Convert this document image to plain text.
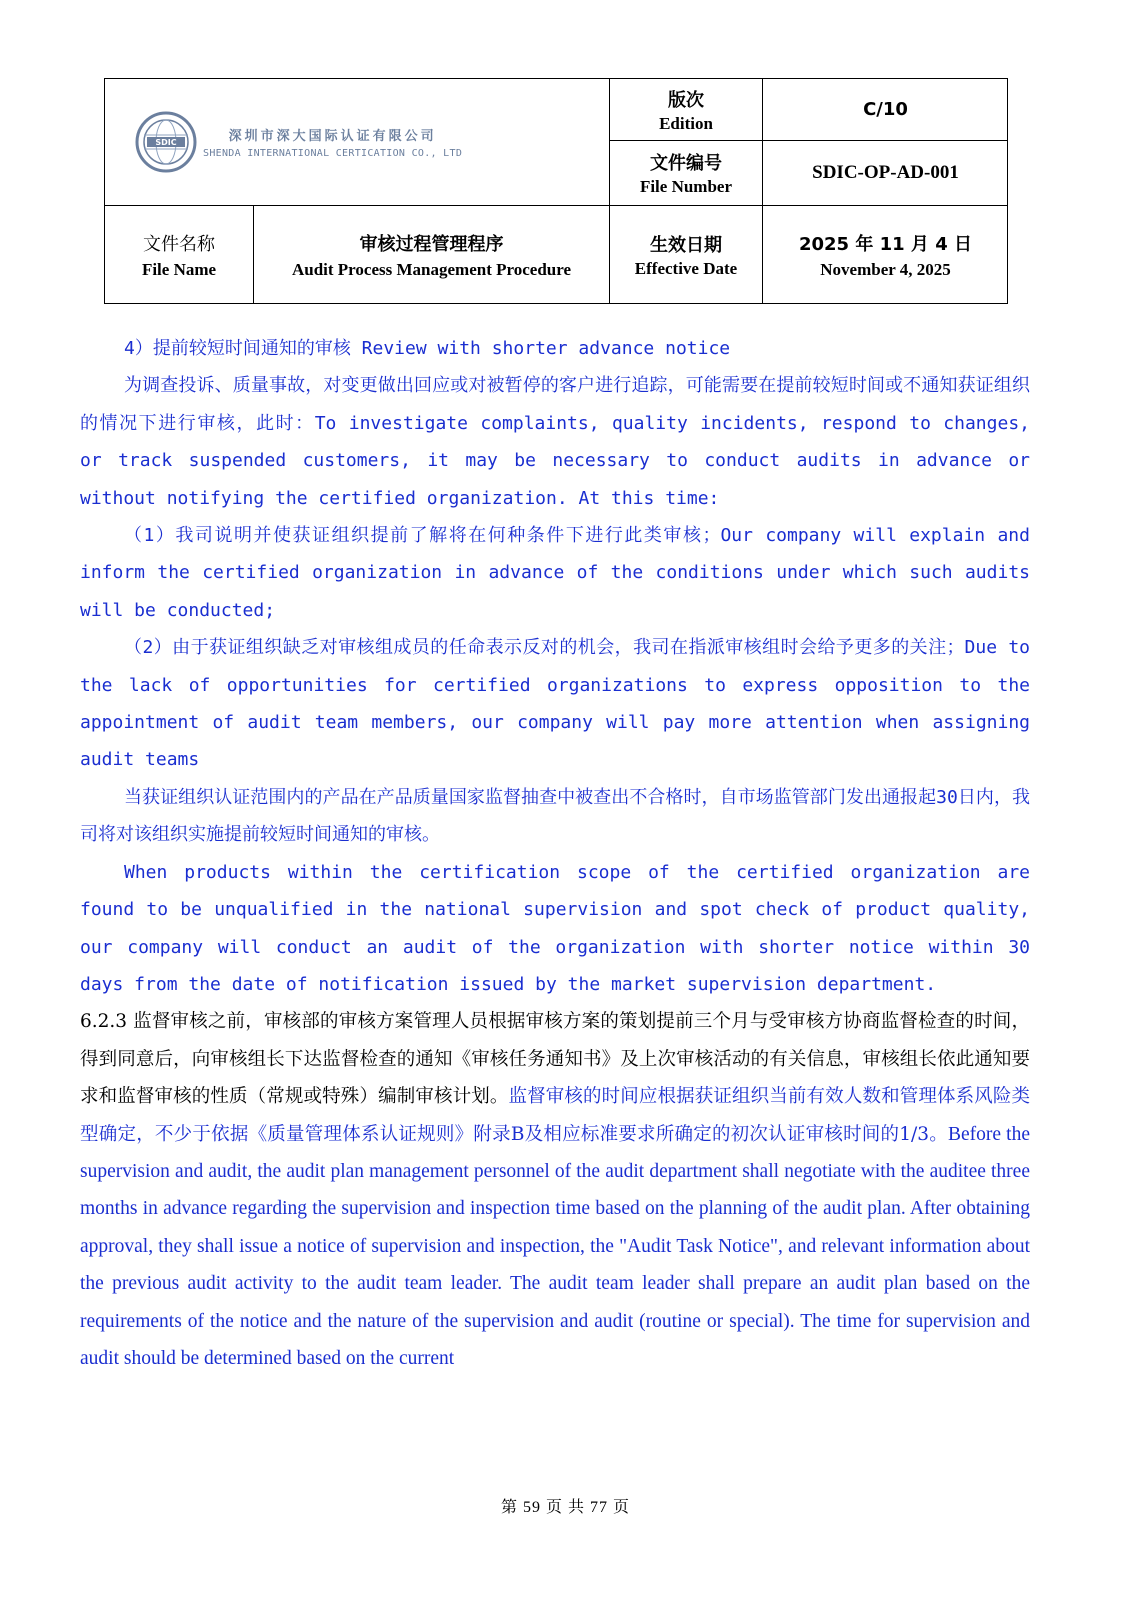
SDIC	深圳市深大国际认证有限公司
SHENDA INTERNATIONAL CERTICATION CO., LTD
版次
Edition
C/10
文件编号
File Number
SDIC-OP-AD-001
文件名称
File Name
审核过程管理程序
Audit Process Management Procedure
生效日期
Effective Date
2025 年 11 月 4 日
November 4, 2025

4）提前较短时间通知的审核 Review with shorter advance notice

为调查投诉、质量事故，对变更做出回应或对被暂停的客户进行追踪，可能需要在提前较短时间或不通知获证组织的情况下进行审核，此时：To investigate complaints, quality incidents, respond to changes, or track suspended customers, it may be necessary to conduct audits in advance or without notifying the certified organization. At this time:

（1）我司说明并使获证组织提前了解将在何种条件下进行此类审核；Our company will explain and inform the certified organization in advance of the conditions under which such audits will be conducted;

（2）由于获证组织缺乏对审核组成员的任命表示反对的机会，我司在指派审核组时会给予更多的关注；Due to the lack of opportunities for certified organizations to express opposition to the appointment of audit team members, our company will pay more attention when assigning audit teams

当获证组织认证范围内的产品在产品质量国家监督抽查中被查出不合格时，自市场监管部门发出通报起30日内，我司将对该组织实施提前较短时间通知的审核。

When products within the certification scope of the certified organization are found to be unqualified in the national supervision and spot check of product quality, our company will conduct an audit of the organization with shorter notice within 30 days from the date of notification issued by the market supervision department.

6.2.3 监督审核之前，审核部的审核方案管理人员根据审核方案的策划提前三个月与受审核方协商监督检查的时间，得到同意后，向审核组长下达监督检查的通知《审核任务通知书》及上次审核活动的有关信息，审核组长依此通知要求和监督审核的性质（常规或特殊）编制审核计划。监督审核的时间应根据获证组织当前有效人数和管理体系风险类型确定，不少于依据《质量管理体系认证规则》附录B及相应标准要求所确定的初次认证审核时间的1/3。Before the supervision and audit, the audit plan management personnel of the audit department shall negotiate with the auditee three months in advance regarding the supervision and inspection time based on the planning of the audit plan. After obtaining approval, they shall issue a notice of supervision and inspection, the "Audit Task Notice", and relevant information about the previous audit activity to the audit team leader. The audit team leader shall prepare an audit plan based on the requirements of the notice and the nature of the supervision and audit (routine or special). The time for supervision and audit should be determined based on the current

第 59 页 共 77 页
